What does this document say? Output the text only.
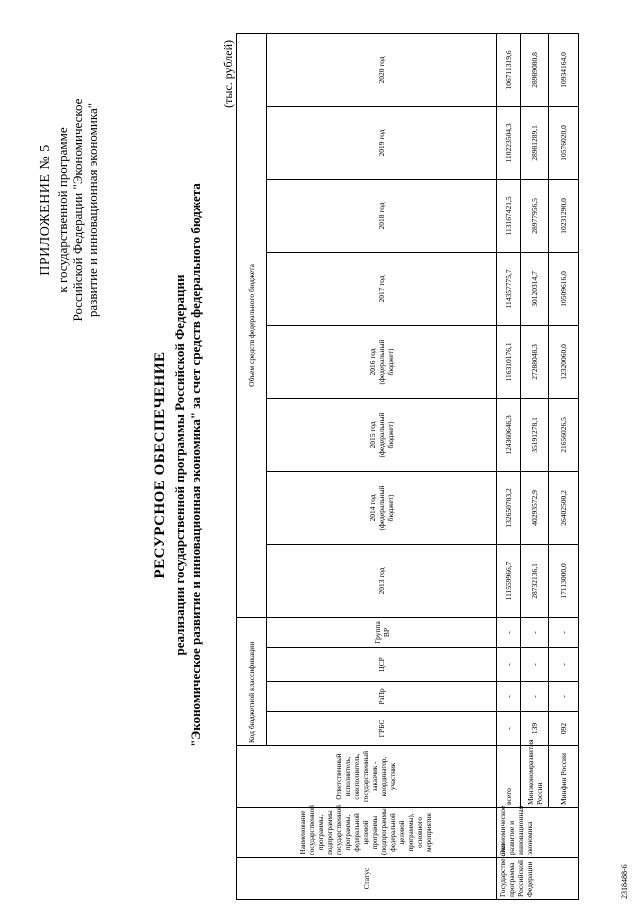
ПРИЛОЖЕНИЕ № 5 к государственной программе Российской Федерации "Экономическое развитие и инновационная экономика"
РЕСУРСНОЕ ОБЕСПЕЧЕНИЕ реализации государственной программы Российской Федерации "Экономическое развитие и инновационная экономика" за счет средств федерального бюджета
(тыс. рублей)
Статус	Наименование государственной программы, подпрограммы государственной программы, федеральной целевой программы (подпрограммы федеральной целевой программы), основного мероприятия	Ответственный исполнитель, соисполнитель, государственный заказчик - координатор, участник	Код бюджетной классификации				Объем средств федерального бюджета							
			ГРБС	РзПр	ЦСР	Группа ВР	2013 год	2014 год (федеральный бюджет)	2015 год (федеральный бюджет)	2016 год (федеральный бюджет)	2017 год	2018 год	2019 год	2020 год

Государственная программа Российской Федерации	Экономическое развитие и инновационная экономика	всего	-	-	-	-	111559966,7	132650703,2	124360646,3	116310176,1	114357775,7	113167421,5	110223504,3	106711319,6
		Минэкономразвития России	139	-	-	-	28732136,1	40293572,9	35191278,1	27288048,3	30120314,7	28977956,5	28981289,1	28989080,8
		Минфин России	092	-	-	-	17113000,0	26402500,2	21656026,5	12320060,0	10509616,0	10231290,0	10576020,0	10934164,0
2318488-6
